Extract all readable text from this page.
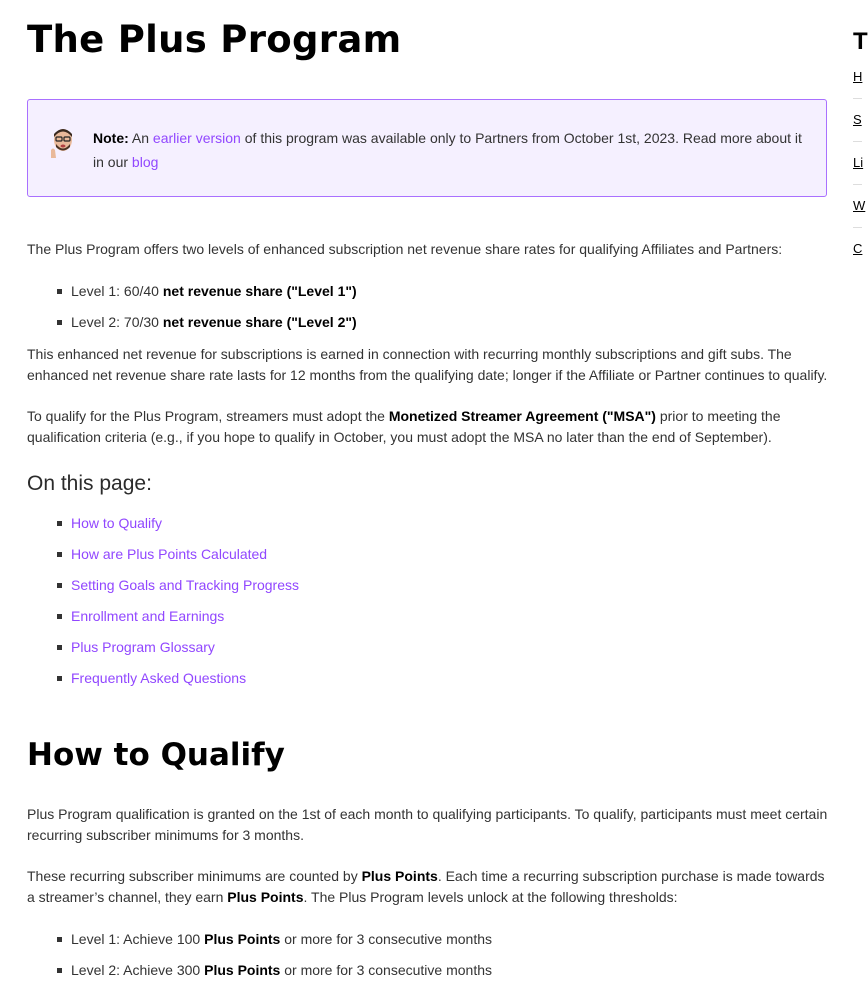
The Plus Program
Note: An earlier version of this program was available only to Partners from October 1st, 2023. Read more about it in our blog

The Plus Program offers two levels of enhanced subscription net revenue share rates for qualifying Affiliates and Partners:

Level 1: 60/40 net revenue share ("Level 1")
Level 2: 70/30 net revenue share ("Level 2")

This enhanced net revenue for subscriptions is earned in connection with recurring monthly subscriptions and gift subs. The enhanced net revenue share rate lasts for 12 months from the qualifying date; longer if the Affiliate or Partner continues to qualify.

To qualify for the Plus Program, streamers must adopt the Monetized Streamer Agreement ("MSA") prior to meeting the qualification criteria (e.g., if you hope to qualify in October, you must adopt the MSA no later than the end of September).

On this page:
How to Qualify
How are Plus Points Calculated
Setting Goals and Tracking Progress
Enrollment and Earnings
Plus Program Glossary
Frequently Asked Questions
How to Qualify

Plus Program qualification is granted on the 1st of each month to qualifying participants. To qualify, participants must meet certain recurring subscriber minimums for 3 months.

These recurring subscriber minimums are counted by Plus Points. Each time a recurring subscription purchase is made towards a streamer’s channel, they earn Plus Points. The Plus Program levels unlock at the following thresholds:

Level 1: Achieve 100 Plus Points or more for 3 consecutive months
Level 2: Achieve 300 Plus Points or more for 3 consecutive months
T
H
S
Li
W
C
